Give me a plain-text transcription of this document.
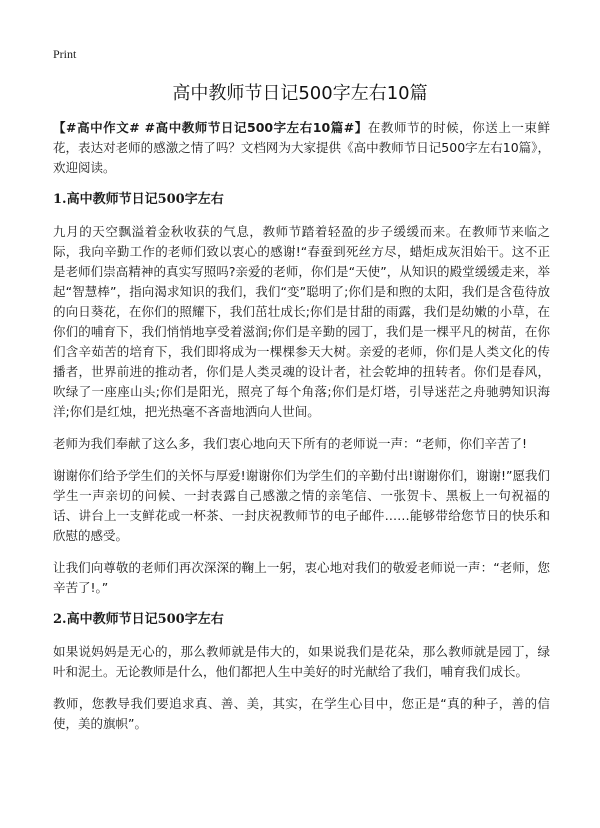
Print
高中教师节日记500字左右10篇

【#高中作文# #高中教师节日记500字左右10篇#】在教师节的时候，你送上一束鲜花，表达对老师的感激之情了吗？文档网为大家提供《高中教师节日记500字左右10篇》，欢迎阅读。

1.高中教师节日记500字左右

九月的天空飘溢着金秋收获的气息，教师节踏着轻盈的步子缓缓而来。在教师节来临之际，我向辛勤工作的老师们致以衷心的感谢!“春蚕到死丝方尽，蜡炬成灰泪始干。这不正是老师们崇高精神的真实写照吗?亲爱的老师，你们是“天使”，从知识的殿堂缓缓走来，举起“智慧棒”，指向渴求知识的我们，我们“变”聪明了;你们是和煦的太阳，我们是含苞待放的向日葵花，在你们的照耀下，我们茁壮成长;你们是甘甜的雨露，我们是幼嫩的小草，在你们的哺育下，我们悄悄地享受着滋润;你们是辛勤的园丁，我们是一棵平凡的树苗，在你们含辛茹苦的培育下，我们即将成为一棵棵参天大树。亲爱的老师，你们是人类文化的传播者，世界前进的推动者，你们是人类灵魂的设计者，社会乾坤的扭转者。你们是春风，吹绿了一座座山头;你们是阳光，照亮了每个角落;你们是灯塔，引导迷茫之舟驰骋知识海洋;你们是红烛，把光热毫不吝啬地洒向人世间。

老师为我们奉献了这么多，我们衷心地向天下所有的老师说一声：“老师，你们辛苦了!

谢谢你们给予学生们的关怀与厚爱!谢谢你们为学生们的辛勤付出!谢谢你们，谢谢!”愿我们学生一声亲切的问候、一封表露自己感激之情的亲笔信、一张贺卡、黑板上一句祝福的话、讲台上一支鲜花或一杯茶、一封庆祝教师节的电子邮件……能够带给您节日的快乐和欣慰的感受。

让我们向尊敬的老师们再次深深的鞠上一躬，衷心地对我们的敬爱老师说一声：“老师，您辛苦了!。”

2.高中教师节日记500字左右

如果说妈妈是无心的，那么教师就是伟大的，如果说我们是花朵，那么教师就是园丁，绿叶和泥土。无论教师是什么，他们都把人生中美好的时光献给了我们，哺育我们成长。

教师，您教导我们要追求真、善、美，其实，在学生心目中，您正是“真的种子，善的信使，美的旗帜”。
